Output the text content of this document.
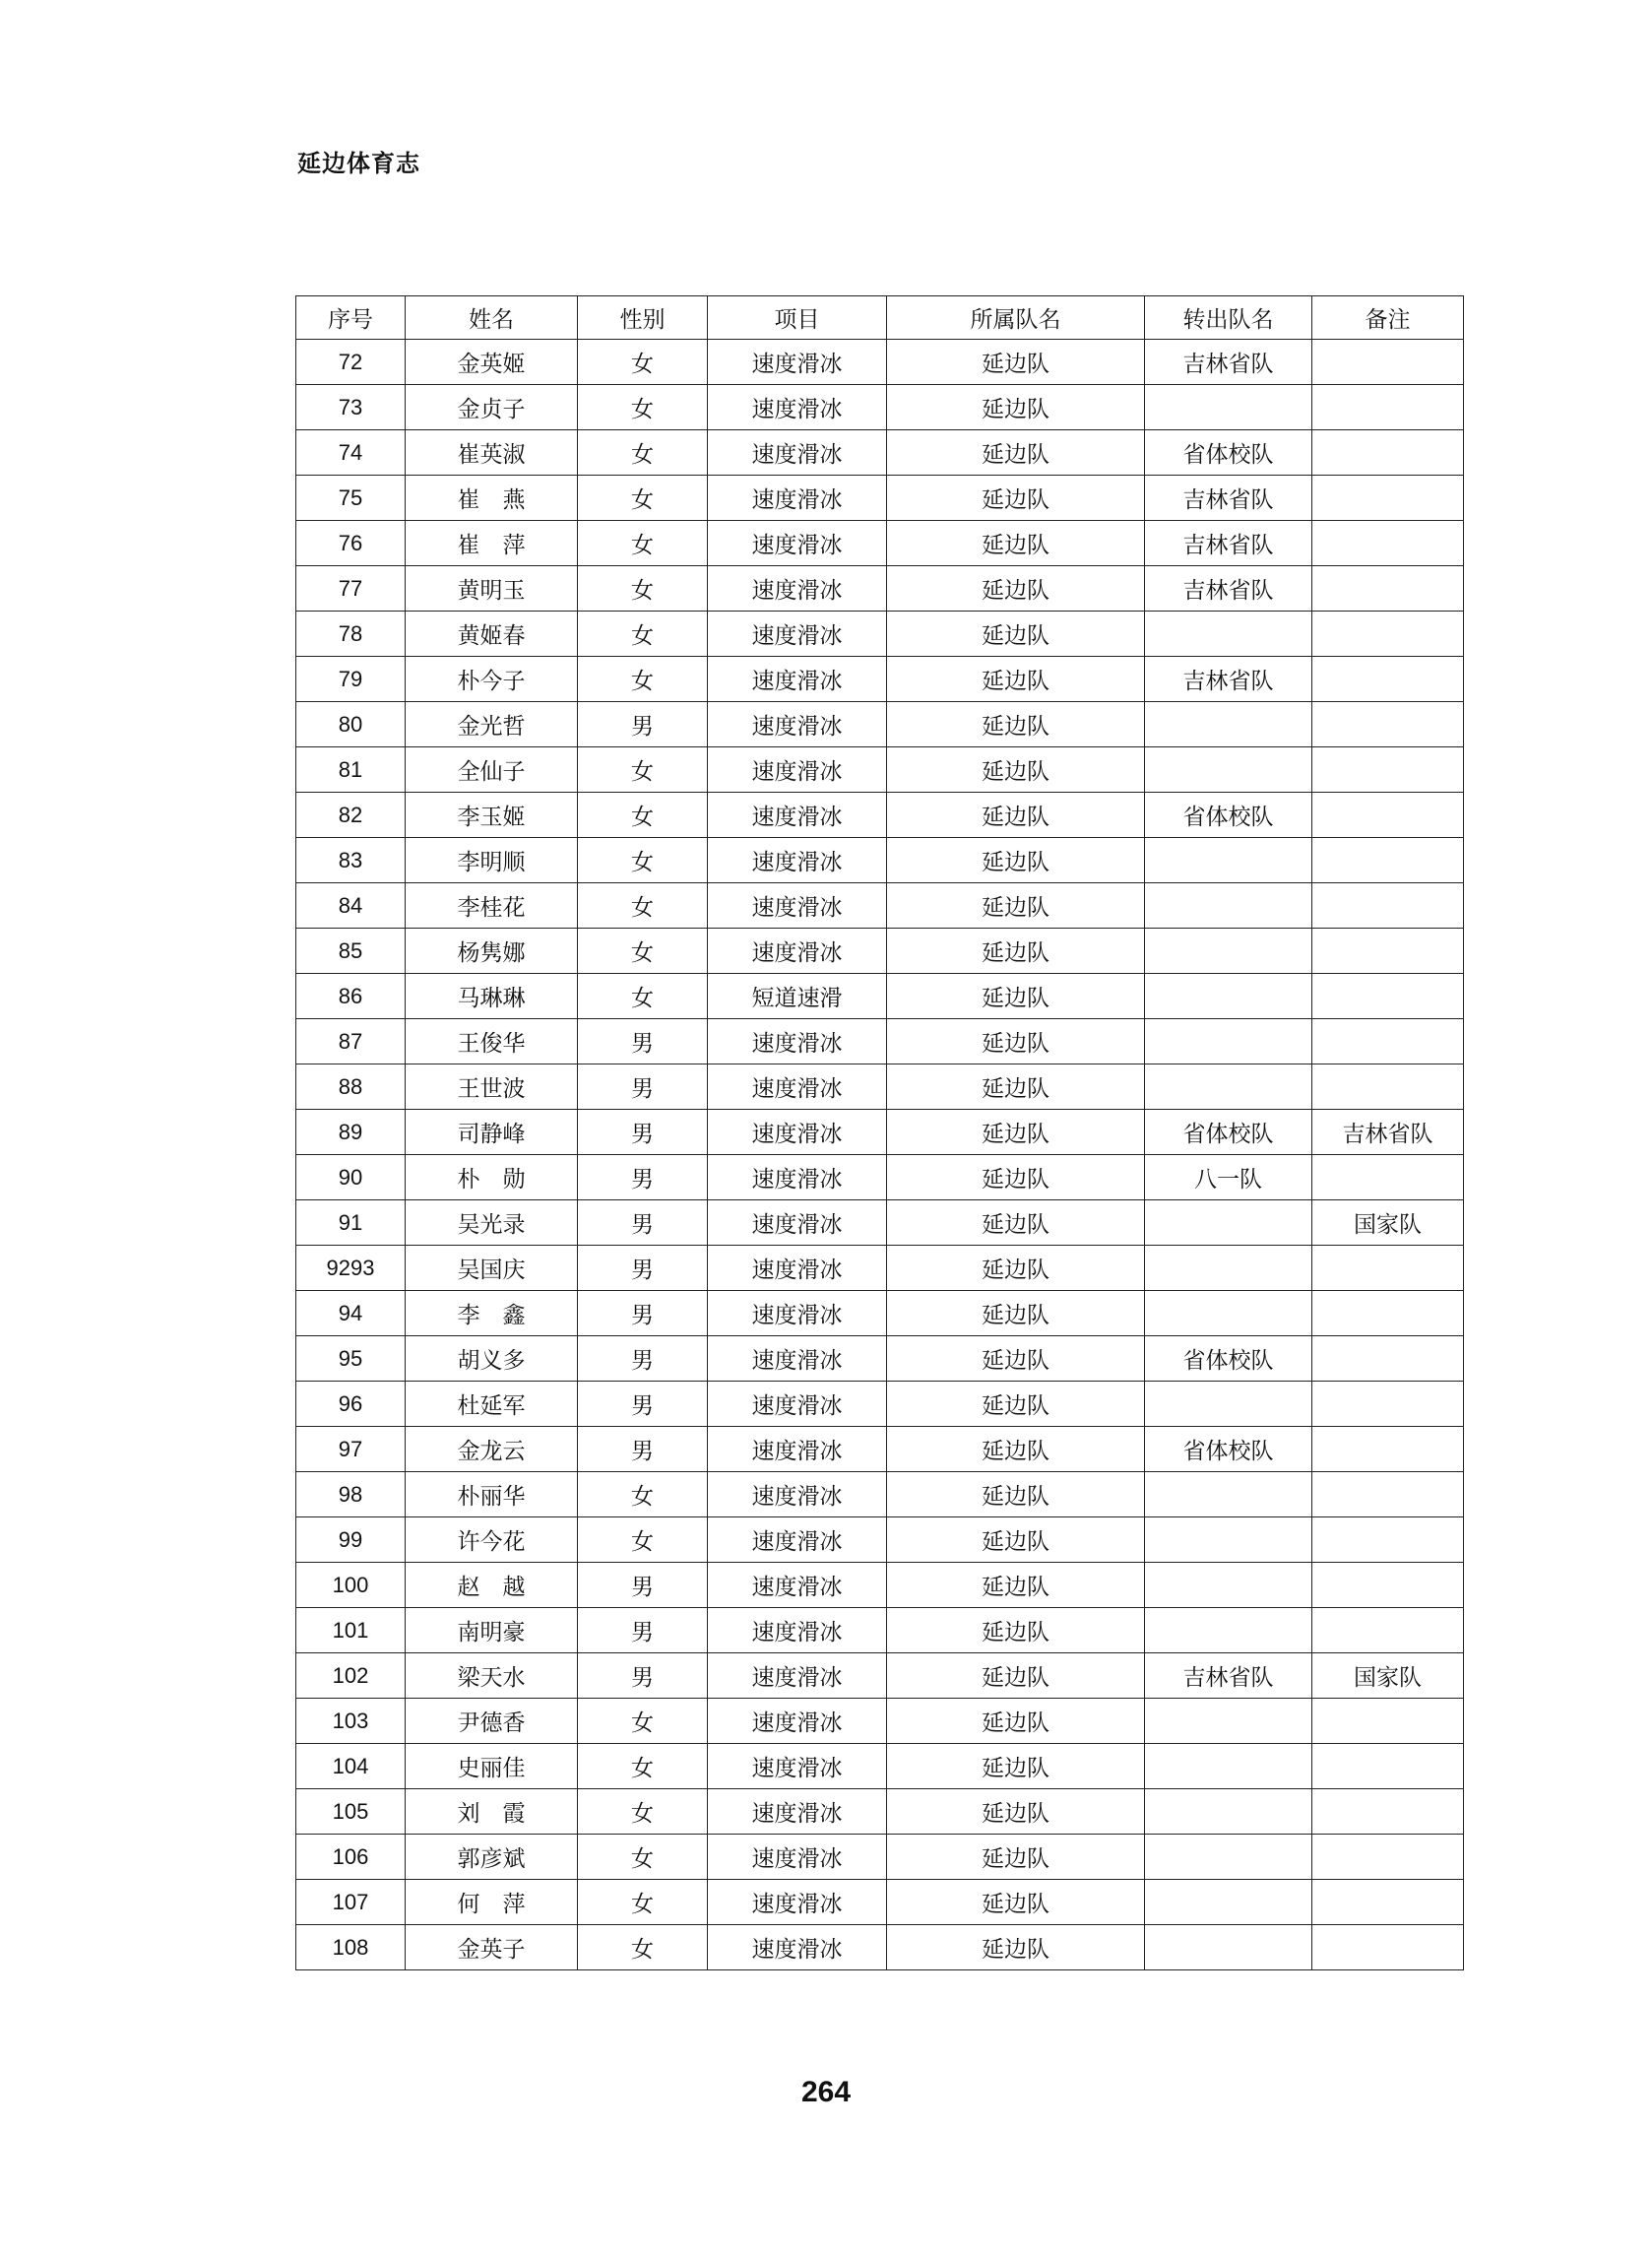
延边体育志
序号	姓名	性别	项目	所属队名	转出队名	备注
72	金英姬	女	速度滑冰	延边队	吉林省队	
73	金贞子	女	速度滑冰	延边队		
74	崔英淑	女	速度滑冰	延边队	省体校队	
75	崔　燕	女	速度滑冰	延边队	吉林省队	
76	崔　萍	女	速度滑冰	延边队	吉林省队	
77	黄明玉	女	速度滑冰	延边队	吉林省队	
78	黄姬春	女	速度滑冰	延边队		
79	朴今子	女	速度滑冰	延边队	吉林省队	
80	金光哲	男	速度滑冰	延边队		
81	全仙子	女	速度滑冰	延边队		
82	李玉姬	女	速度滑冰	延边队	省体校队	
83	李明顺	女	速度滑冰	延边队		
84	李桂花	女	速度滑冰	延边队		
85	杨隽娜	女	速度滑冰	延边队		
86	马琳琳	女	短道速滑	延边队		
87	王俊华	男	速度滑冰	延边队		
88	王世波	男	速度滑冰	延边队		
89	司静峰	男	速度滑冰	延边队	省体校队	吉林省队
90	朴　勋	男	速度滑冰	延边队	八一队	
91	吴光录	男	速度滑冰	延边队		国家队
9293	吴国庆	男	速度滑冰	延边队		
94	李　鑫	男	速度滑冰	延边队		
95	胡义多	男	速度滑冰	延边队	省体校队	
96	杜延军	男	速度滑冰	延边队		
97	金龙云	男	速度滑冰	延边队	省体校队	
98	朴丽华	女	速度滑冰	延边队		
99	许今花	女	速度滑冰	延边队		
100	赵　越	男	速度滑冰	延边队		
101	南明豪	男	速度滑冰	延边队		
102	梁天水	男	速度滑冰	延边队	吉林省队	国家队
103	尹德香	女	速度滑冰	延边队		
104	史丽佳	女	速度滑冰	延边队		
105	刘　霞	女	速度滑冰	延边队		
106	郭彦斌	女	速度滑冰	延边队		
107	何　萍	女	速度滑冰	延边队		
108	金英子	女	速度滑冰	延边队		
264
